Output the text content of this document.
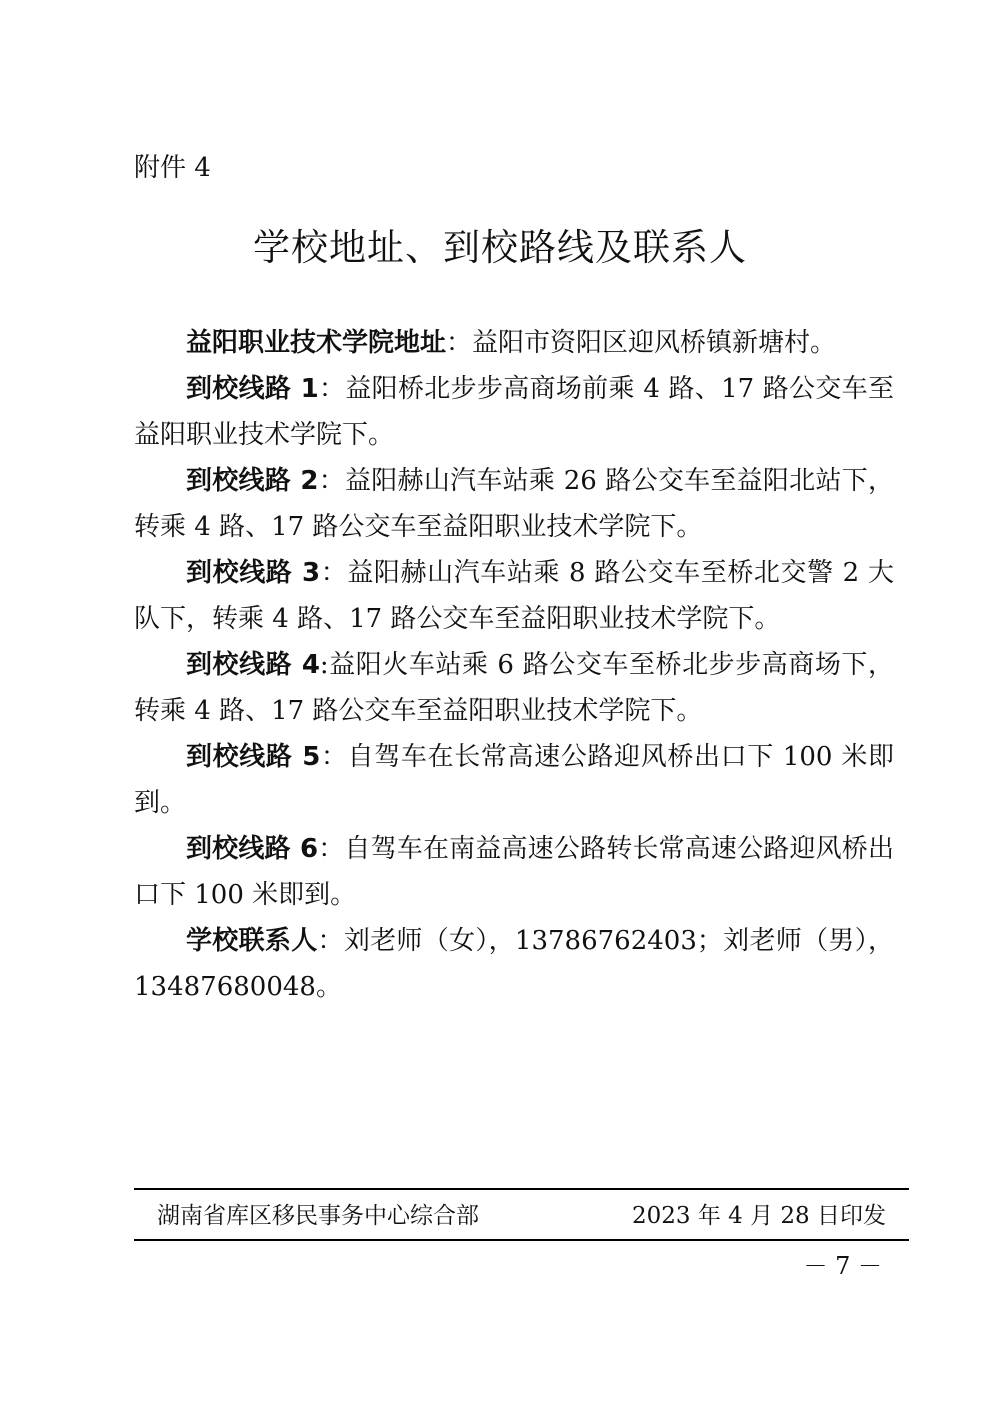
附件 4
学校地址、到校路线及联系人

益阳职业技术学院地址：益阳市资阳区迎风桥镇新塘村。

到校线路 1：益阳桥北步步高商场前乘 4 路、17 路公交车至益阳职业技术学院下。

到校线路 2：益阳赫山汽车站乘 26 路公交车至益阳北站下，转乘 4 路、17 路公交车至益阳职业技术学院下。

到校线路 3：益阳赫山汽车站乘 8 路公交车至桥北交警 2 大队下，转乘 4 路、17 路公交车至益阳职业技术学院下。

到校线路 4:益阳火车站乘 6 路公交车至桥北步步高商场下，转乘 4 路、17 路公交车至益阳职业技术学院下。

到校线路 5：自驾车在长常高速公路迎风桥出口下 100 米即到。

到校线路 6：自驾车在南益高速公路转长常高速公路迎风桥出口下 100 米即到。

学校联系人：刘老师（女），13786762403；刘老师（男），13487680048。

湖南省库区移民事务中心综合部	2023 年 4 月 28 日印发
－ 7 －
